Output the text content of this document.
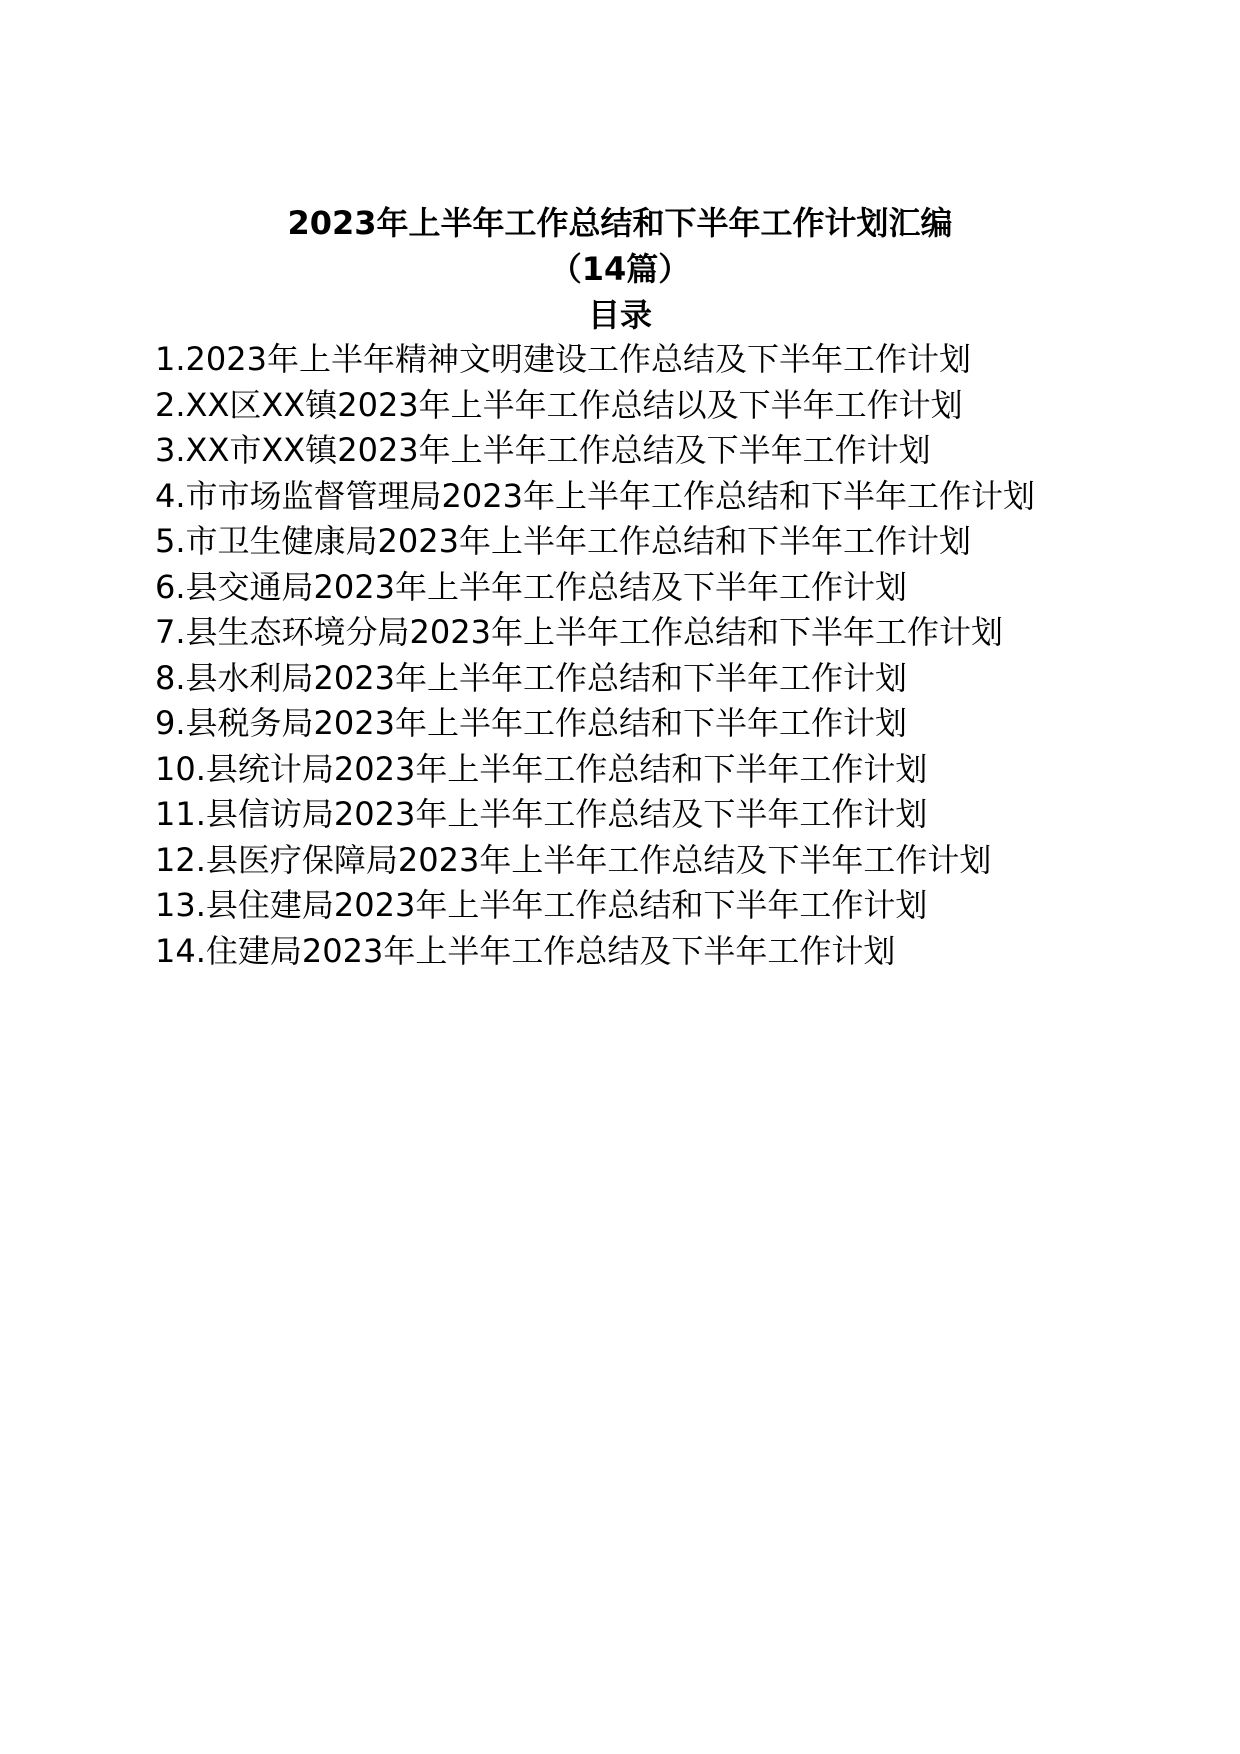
2023年上半年工作总结和下半年工作计划汇编

（14篇）

目录

1.2023年上半年精神文明建设工作总结及下半年工作计划
2.XX区XX镇2023年上半年工作总结以及下半年工作计划
3.XX市XX镇2023年上半年工作总结及下半年工作计划
4.市市场监督管理局2023年上半年工作总结和下半年工作计划
5.市卫生健康局2023年上半年工作总结和下半年工作计划
6.县交通局2023年上半年工作总结及下半年工作计划
7.县生态环境分局2023年上半年工作总结和下半年工作计划
8.县水利局2023年上半年工作总结和下半年工作计划
9.县税务局2023年上半年工作总结和下半年工作计划
10.县统计局2023年上半年工作总结和下半年工作计划
11.县信访局2023年上半年工作总结及下半年工作计划
12.县医疗保障局2023年上半年工作总结及下半年工作计划
13.县住建局2023年上半年工作总结和下半年工作计划
14.住建局2023年上半年工作总结及下半年工作计划
